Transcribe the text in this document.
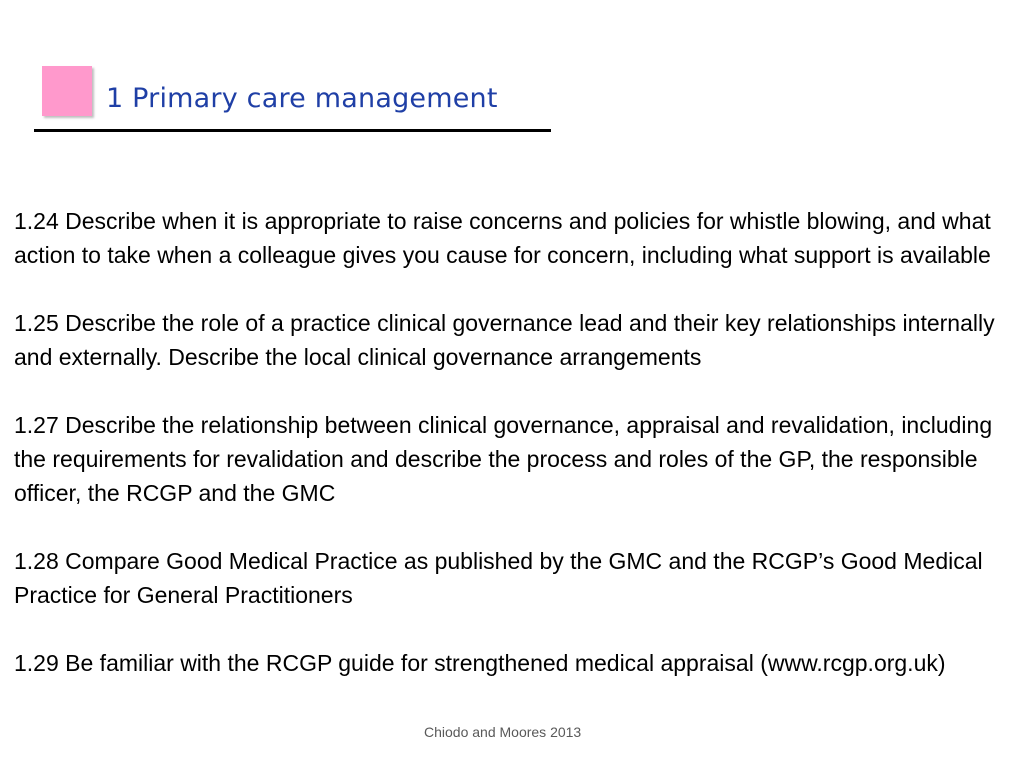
1 Primary care management

1.24 Describe when it is appropriate to raise concerns and policies for whistle blowing, and what action to take when a colleague gives you cause for concern, including what support is available

1.25 Describe the role of a practice clinical governance lead and their key relationships internally and externally. Describe the local clinical governance arrangements

1.27 Describe the relationship between clinical governance, appraisal and revalidation, including the requirements for revalidation and describe the process and roles of the GP, the responsible officer, the RCGP and the GMC

1.28 Compare Good Medical Practice as published by the GMC and the RCGP’s Good Medical Practice for General Practitioners

1.29 Be familiar with the RCGP guide for strengthened medical appraisal (www.rcgp.org.uk)

Chiodo and Moores 2013
